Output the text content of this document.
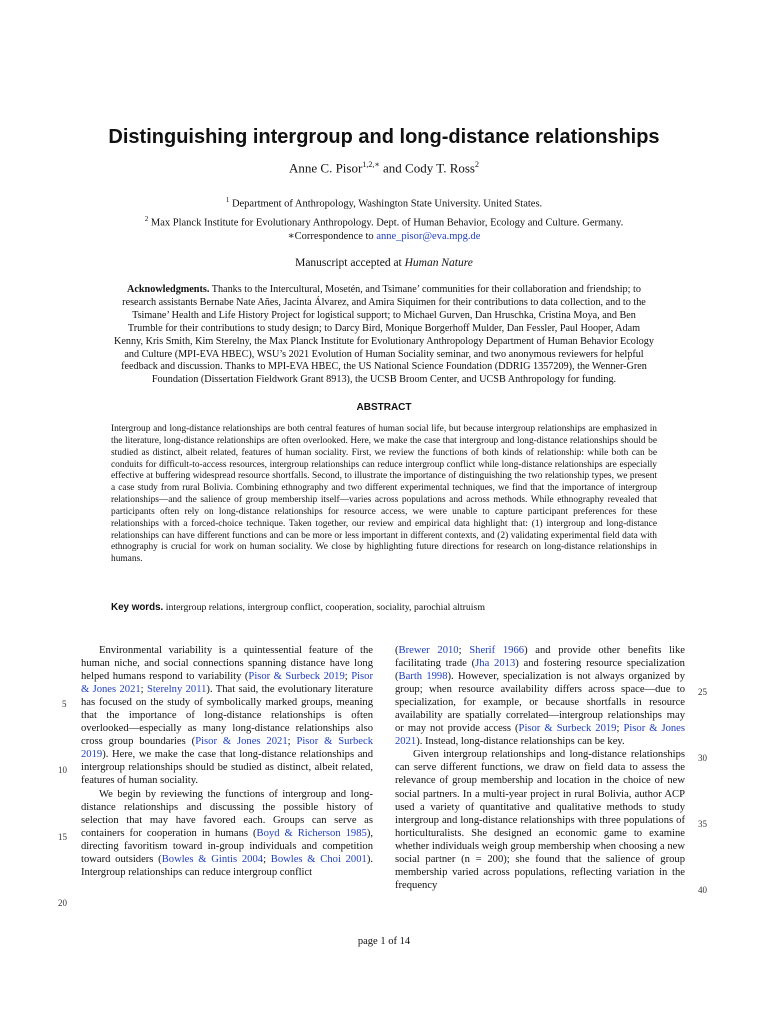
Distinguishing intergroup and long-distance relationships
Anne C. Pisor$^{1,2,∗}$ and Cody T. Ross$^2$
$^1$ Department of Anthropology, Washington State University. United States.
$^2$ Max Planck Institute for Evolutionary Anthropology. Dept. of Human Behavior, Ecology and Culture. Germany.
∗Correspondence to anne_pisor@eva.mpg.de
Manuscript accepted at Human Nature
Acknowledgments. Thanks to the Intercultural, Mosetén, and Tsimane’ communities for their collaboration and friendship; to research assistants Bernabe Nate Añes, Jacinta Álvarez, and Amira Siquimen for their contributions to data collection, and to the Tsimane’ Health and Life History Project for logistical support; to Michael Gurven, Dan Hruschka, Cristina Moya, and Ben Trumble for their contributions to study design; to Darcy Bird, Monique Borgerhoff Mulder, Dan Fessler, Paul Hooper, Adam Kenny, Kris Smith, Kim Sterelny, the Max Planck Institute for Evolutionary Anthropology Department of Human Behavior Ecology and Culture (MPI-EVA HBEC), WSU’s 2021 Evolution of Human Sociality seminar, and two anonymous reviewers for helpful feedback and discussion. Thanks to MPI-EVA HBEC, the US National Science Foundation (DDRIG 1357209), the Wenner-Gren Foundation (Dissertation Fieldwork Grant 8913), the UCSB Broom Center, and UCSB Anthropology for funding.
ABSTRACT
Intergroup and long-distance relationships are both central features of human social life, but because intergroup relationships are emphasized in the literature, long-distance relationships are often overlooked. Here, we make the case that intergroup and long-distance relationships should be studied as distinct, albeit related, features of human sociality. First, we review the functions of both kinds of relationship: while both can be conduits for difficult-to-access resources, intergroup relationships can reduce intergroup conflict while long-distance relationships are especially effective at buffering widespread resource shortfalls. Second, to illustrate the importance of distinguishing the two relationship types, we present a case study from rural Bolivia. Combining ethnography and two different experimental techniques, we find that the importance of intergroup relationships—and the salience of group membership itself—varies across populations and across methods. While ethnography revealed that participants often rely on long-distance relationships for resource access, we were unable to capture participant preferences for these relationships with a forced-choice technique. Taken together, our review and empirical data highlight that: (1) intergroup and long-distance relationships can have different functions and can be more or less important in different contexts, and (2) validating experimental field data with ethnography is crucial for work on human sociality. We close by highlighting future directions for research on long-distance relationships in humans.
Key words. intergroup relations, intergroup conflict, cooperation, sociality, parochial altruism

Environmental variability is a quintessential feature of the human niche, and social connections spanning distance have long helped humans respond to variability (Pisor & Surbeck 2019; Pisor & Jones 2021; Sterelny 2011). That said, the evolutionary literature has focused on the study of symbolically marked groups, meaning that the importance of long-distance relationships is often overlooked—especially as many long-distance relationships also cross group boundaries (Pisor & Jones 2021; Pisor & Surbeck 2019). Here, we make the case that long-distance relationships and intergroup relationships should be studied as distinct, albeit related, features of human sociality.

We begin by reviewing the functions of intergroup and long-distance relationships and discussing the possible history of selection that may have favored each. Groups can serve as containers for cooperation in humans (Boyd & Richerson 1985), directing favoritism toward in-group individuals and competition toward outsiders (Bowles & Gintis 2004; Bowles & Choi 2001). Intergroup relationships can reduce intergroup conflict

(Brewer 2010; Sherif 1966) and provide other benefits like facilitating trade (Jha 2013) and fostering resource specialization (Barth 1998). However, specialization is not always organized by group; when resource availability differs across space—due to specialization, for example, or because shortfalls in resource availability are spatially correlated—intergroup relationships may or may not provide access (Pisor & Surbeck 2019; Pisor & Jones 2021). Instead, long-distance relationships can be key.

Given intergroup relationships and long-distance relationships can serve different functions, we draw on field data to assess the relevance of group membership and location in the choice of new social partners. In a multi-year project in rural Bolivia, author ACP used a variety of quantitative and qualitative methods to study intergroup and long-distance relationships with three populations of horticulturalists. She designed an economic game to examine whether individuals weigh group membership when choosing a new social partner (n = 200); she found that the salience of group membership varied across populations, reflecting variation in the frequency

5
10
15
20
25
30
35
40
page 1 of 14
